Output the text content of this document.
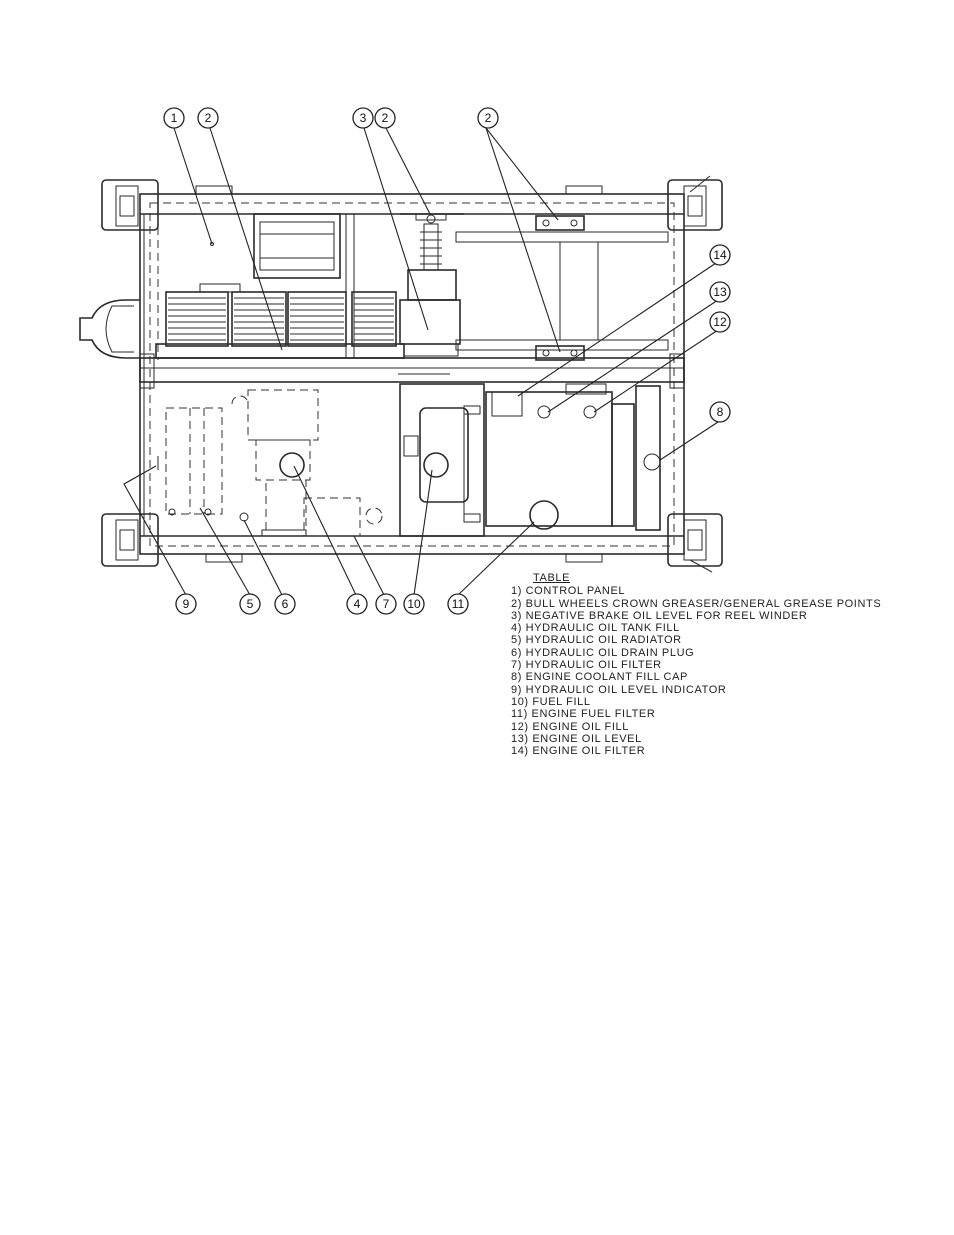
1 2	3 2	2
14
13
12
8
9	5 6	4 7 10	11
TABLE
1) CONTROL PANEL
2) BULL WHEELS CROWN GREASER/GENERAL GREASE POINTS
3) NEGATIVE BRAKE OIL LEVEL FOR REEL WINDER
4) HYDRAULIC OIL TANK FILL
5) HYDRAULIC OIL RADIATOR
6) HYDRAULIC OIL DRAIN PLUG
7) HYDRAULIC OIL FILTER
8) ENGINE COOLANT FILL CAP
9) HYDRAULIC OIL LEVEL INDICATOR
10) FUEL FILL
11) ENGINE FUEL FILTER
12) ENGINE OIL FILL
13) ENGINE OIL LEVEL
14) ENGINE OIL FILTER
